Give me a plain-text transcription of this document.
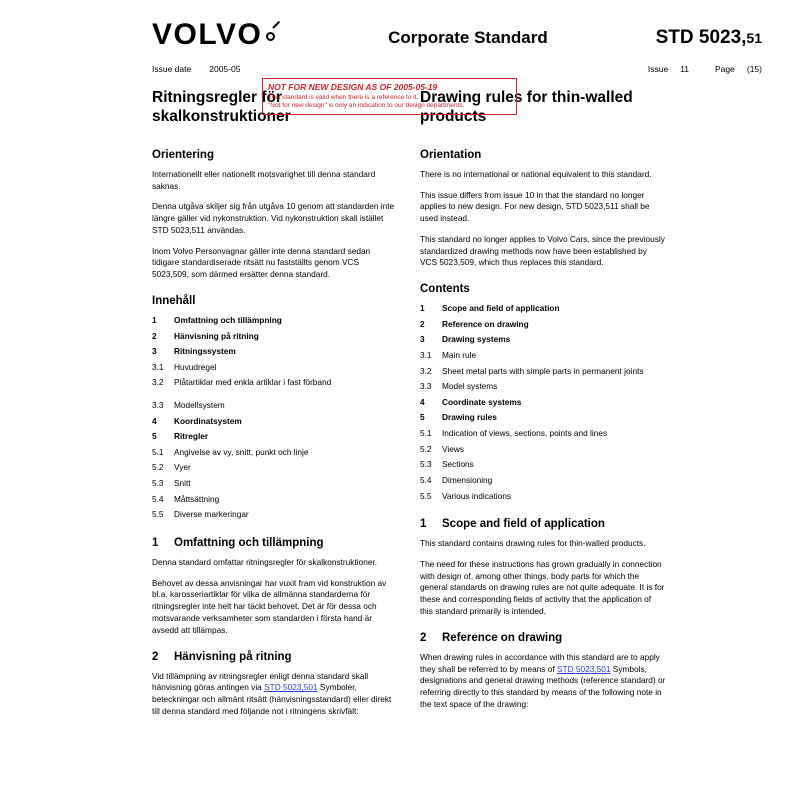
VOLVO	Corporate Standard	STD 5023,51
Issue date 2005-05	Issue 11	Page (15)
NOT FOR NEW DESIGN AS OF 2005-05-19
This standard is valid when there is a reference to it.
"Not for new design" is only an indication to our design departments.
Ritningsregler för skalkonstruktioner
Orientering

Internationellt eller nationellt motsvarighet till denna standard saknas.

Denna utgåva skiljer sig från utgåva 10 genom att standarden inte längre gäller vid nykonstruktion. Vid nykonstruktion skall istället STD 5023,511 användas.

Inom Volvo Personvagnar gäller inte denna standard sedan tidigare standardiserade ritsätt nu fastställts genom VCS 5023,509, som därmed ersätter denna standard.

Innehåll
1	Omfattning och tillämpning
2	Hänvisning på ritning
3	Ritningssystem
3.1	Huvudregel
3.2	Plåtartiklar med enkla artiklar i fast förband
3.3	Modellsystem
4	Koordinatsystem
5	Ritregler
5.1	Angivelse av vy, snitt, punkt och linje
5.2	Vyer
5.3	Snitt
5.4	Måttsättning
5.5	Diverse markeringar
1	Omfattning och tillämpning

Denna standard omfattar ritningsregler för skalkonstruktioner.

Behovet av dessa anvisningar har vuxit fram vid konstruktion av bl.a. karosseriartiklar för vilka de allmänna standarderna för ritningsregler inte helt har täckt behovet. Det är för dessa och motsvarande verksamheter som standarden i första hand är avsedd att tillämpas.

2	Hänvisning på ritning

Vid tillämpning av ritningsregler enligt denna standard skall hänvisning göras antingen via STD 5023,501 Symboler, beteckningar och allmänt ritsätt (hänvisningsstandard) eller direkt till denna standard med följande not i ritningens skrivfält:

Drawing rules for thin-walled products
Orientation

There is no international or national equivalent to this standard.

This issue differs from issue 10 in that the standard no longer applies to new design. For new design, STD 5023,511 shall be used instead.

This standard no longer applies to Volvo Cars, since the previously standardized drawing methods now have been established by VCS 5023,509, which thus replaces this standard.

Contents
1	Scope and field of application
2	Reference on drawing
3	Drawing systems
3.1	Main rule
3.2	Sheet metal parts with simple parts in permanent joints
3.3	Model systems
4	Coordinate systems
5	Drawing rules
5.1	Indication of views, sections, points and lines
5.2	Views
5.3	Sections
5.4	Dimensioning
5.5	Various indications
1	Scope and field of application

This standard contains drawing rules for thin-walled products.

The need for these instructions has grown gradually in connection with design of, among other things, body parts for which the general standards on drawing rules are not quite adequate. It is for these and corresponding fields of activity that the application of this standard primarily is intended.

2	Reference on drawing

When drawing rules in accordance with this standard are to apply they shall be referred to by means of STD 5023,501 Symbols, designations and general drawing methods (reference standard) or referring directly to this standard by means of the following note in the text space of the drawing:
